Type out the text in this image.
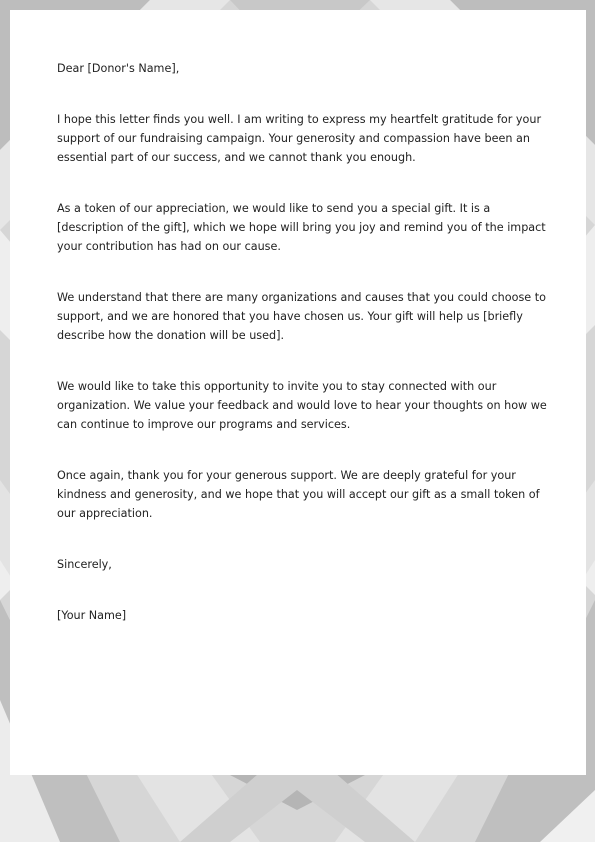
Dear [Donor's Name],

I hope this letter finds you well. I am writing to express my heartfelt gratitude for your support of our fundraising campaign. Your generosity and compassion have been an essential part of our success, and we cannot thank you enough.

As a token of our appreciation, we would like to send you a special gift. It is a [description of the gift], which we hope will bring you joy and remind you of the impact your contribution has had on our cause.

We understand that there are many organizations and causes that you could choose to support, and we are honored that you have chosen us. Your gift will help us [briefly describe how the donation will be used].

We would like to take this opportunity to invite you to stay connected with our organization. We value your feedback and would love to hear your thoughts on how we can continue to improve our programs and services.

Once again, thank you for your generous support. We are deeply grateful for your kindness and generosity, and we hope that you will accept our gift as a small token of our appreciation.

Sincerely,

[Your Name]
